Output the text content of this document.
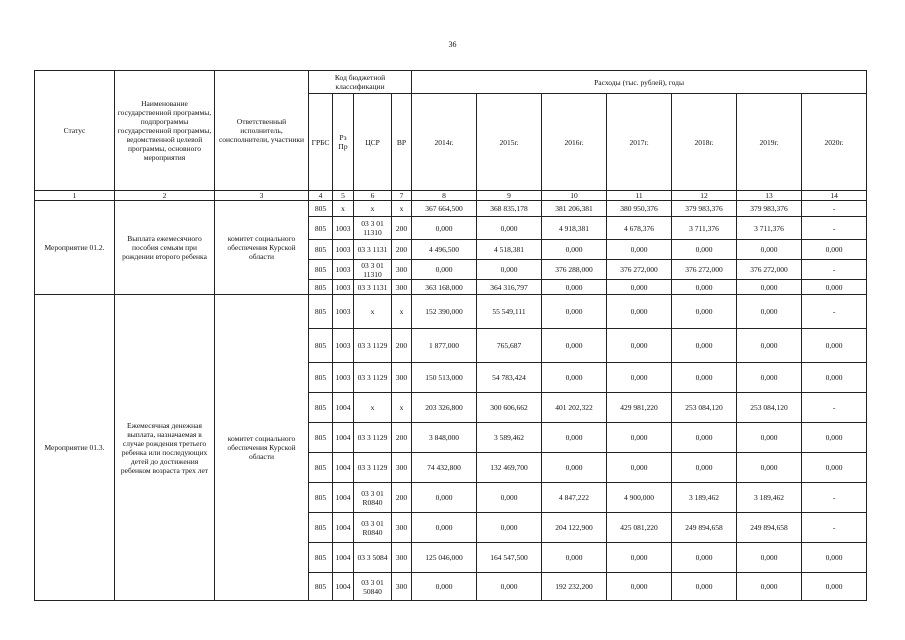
36
Статус	Наименование государственной программы, подпрограммы государственной программы, ведомственной целевой программы, основного мероприятия	Ответственный исполнитель, соисполнители, участники	Код бюджетной классификации				Расходы (тыс. рублей), годы						
			ГРБС	Рз Пр	ЦСР	ВР	2014г.	2015г.	2016г.	2017г.	2018г.	2019г.	2020г.
1	2	3	4	5	6	7	8	9	10	11	12	13	14
Мероприятие 01.2.	Выплата ежемесячного пособия семьям при рождении второго ребенка	комитет социального обеспечения Курской области	805	x	x	x	367 664,500	368 835,178	381 206,381	380 950,376	379 983,376	379 983,376	-
			805	1003	03 3 01 11310	200	0,000	0,000	4 918,381	4 678,376	3 711,376	3 711,376	-
			805	1003	03 3 1131	200	4 496,500	4 518,381	0,000	0,000	0,000	0,000	0,000
			805	1003	03 3 01 11310	300	0,000	0,000	376 288,000	376 272,000	376 272,000	376 272,000	-
			805	1003	03 3 1131	300	363 168,000	364 316,797	0,000	0,000	0,000	0,000	0,000
Мероприятие 01.3.	Ежемесячная денежная выплата, назначаемая в случае рождения третьего ребенка или последующих детей до достижения ребенком возраста трех лет	комитет социального обеспечения Курской области	805	1003	x	x	152 390,000	55 549,111	0,000	0,000	0,000	0,000	-
			805	1003	03 3 1129	200	1 877,000	765,687	0,000	0,000	0,000	0,000	0,000
			805	1003	03 3 1129	300	150 513,000	54 783,424	0,000	0,000	0,000	0,000	0,000
			805	1004	x	x	203 326,800	300 606,662	401 202,322	429 981,220	253 084,120	253 084,120	-
			805	1004	03 3 1129	200	3 848,000	3 589,462	0,000	0,000	0,000	0,000	0,000
			805	1004	03 3 1129	300	74 432,800	132 469,700	0,000	0,000	0,000	0,000	0,000
			805	1004	03 3 01 R0840	200	0,000	0,000	4 847,222	4 900,000	3 189,462	3 189,462	-
			805	1004	03 3 01 R0840	300	0,000	0,000	204 122,900	425 081,220	249 894,658	249 894,658	-
			805	1004	03 3 5084	300	125 046,000	164 547,500	0,000	0,000	0,000	0,000	0,000
			805	1004	03 3 01 50840	300	0,000	0,000	192 232,200	0,000	0,000	0,000	0,000
